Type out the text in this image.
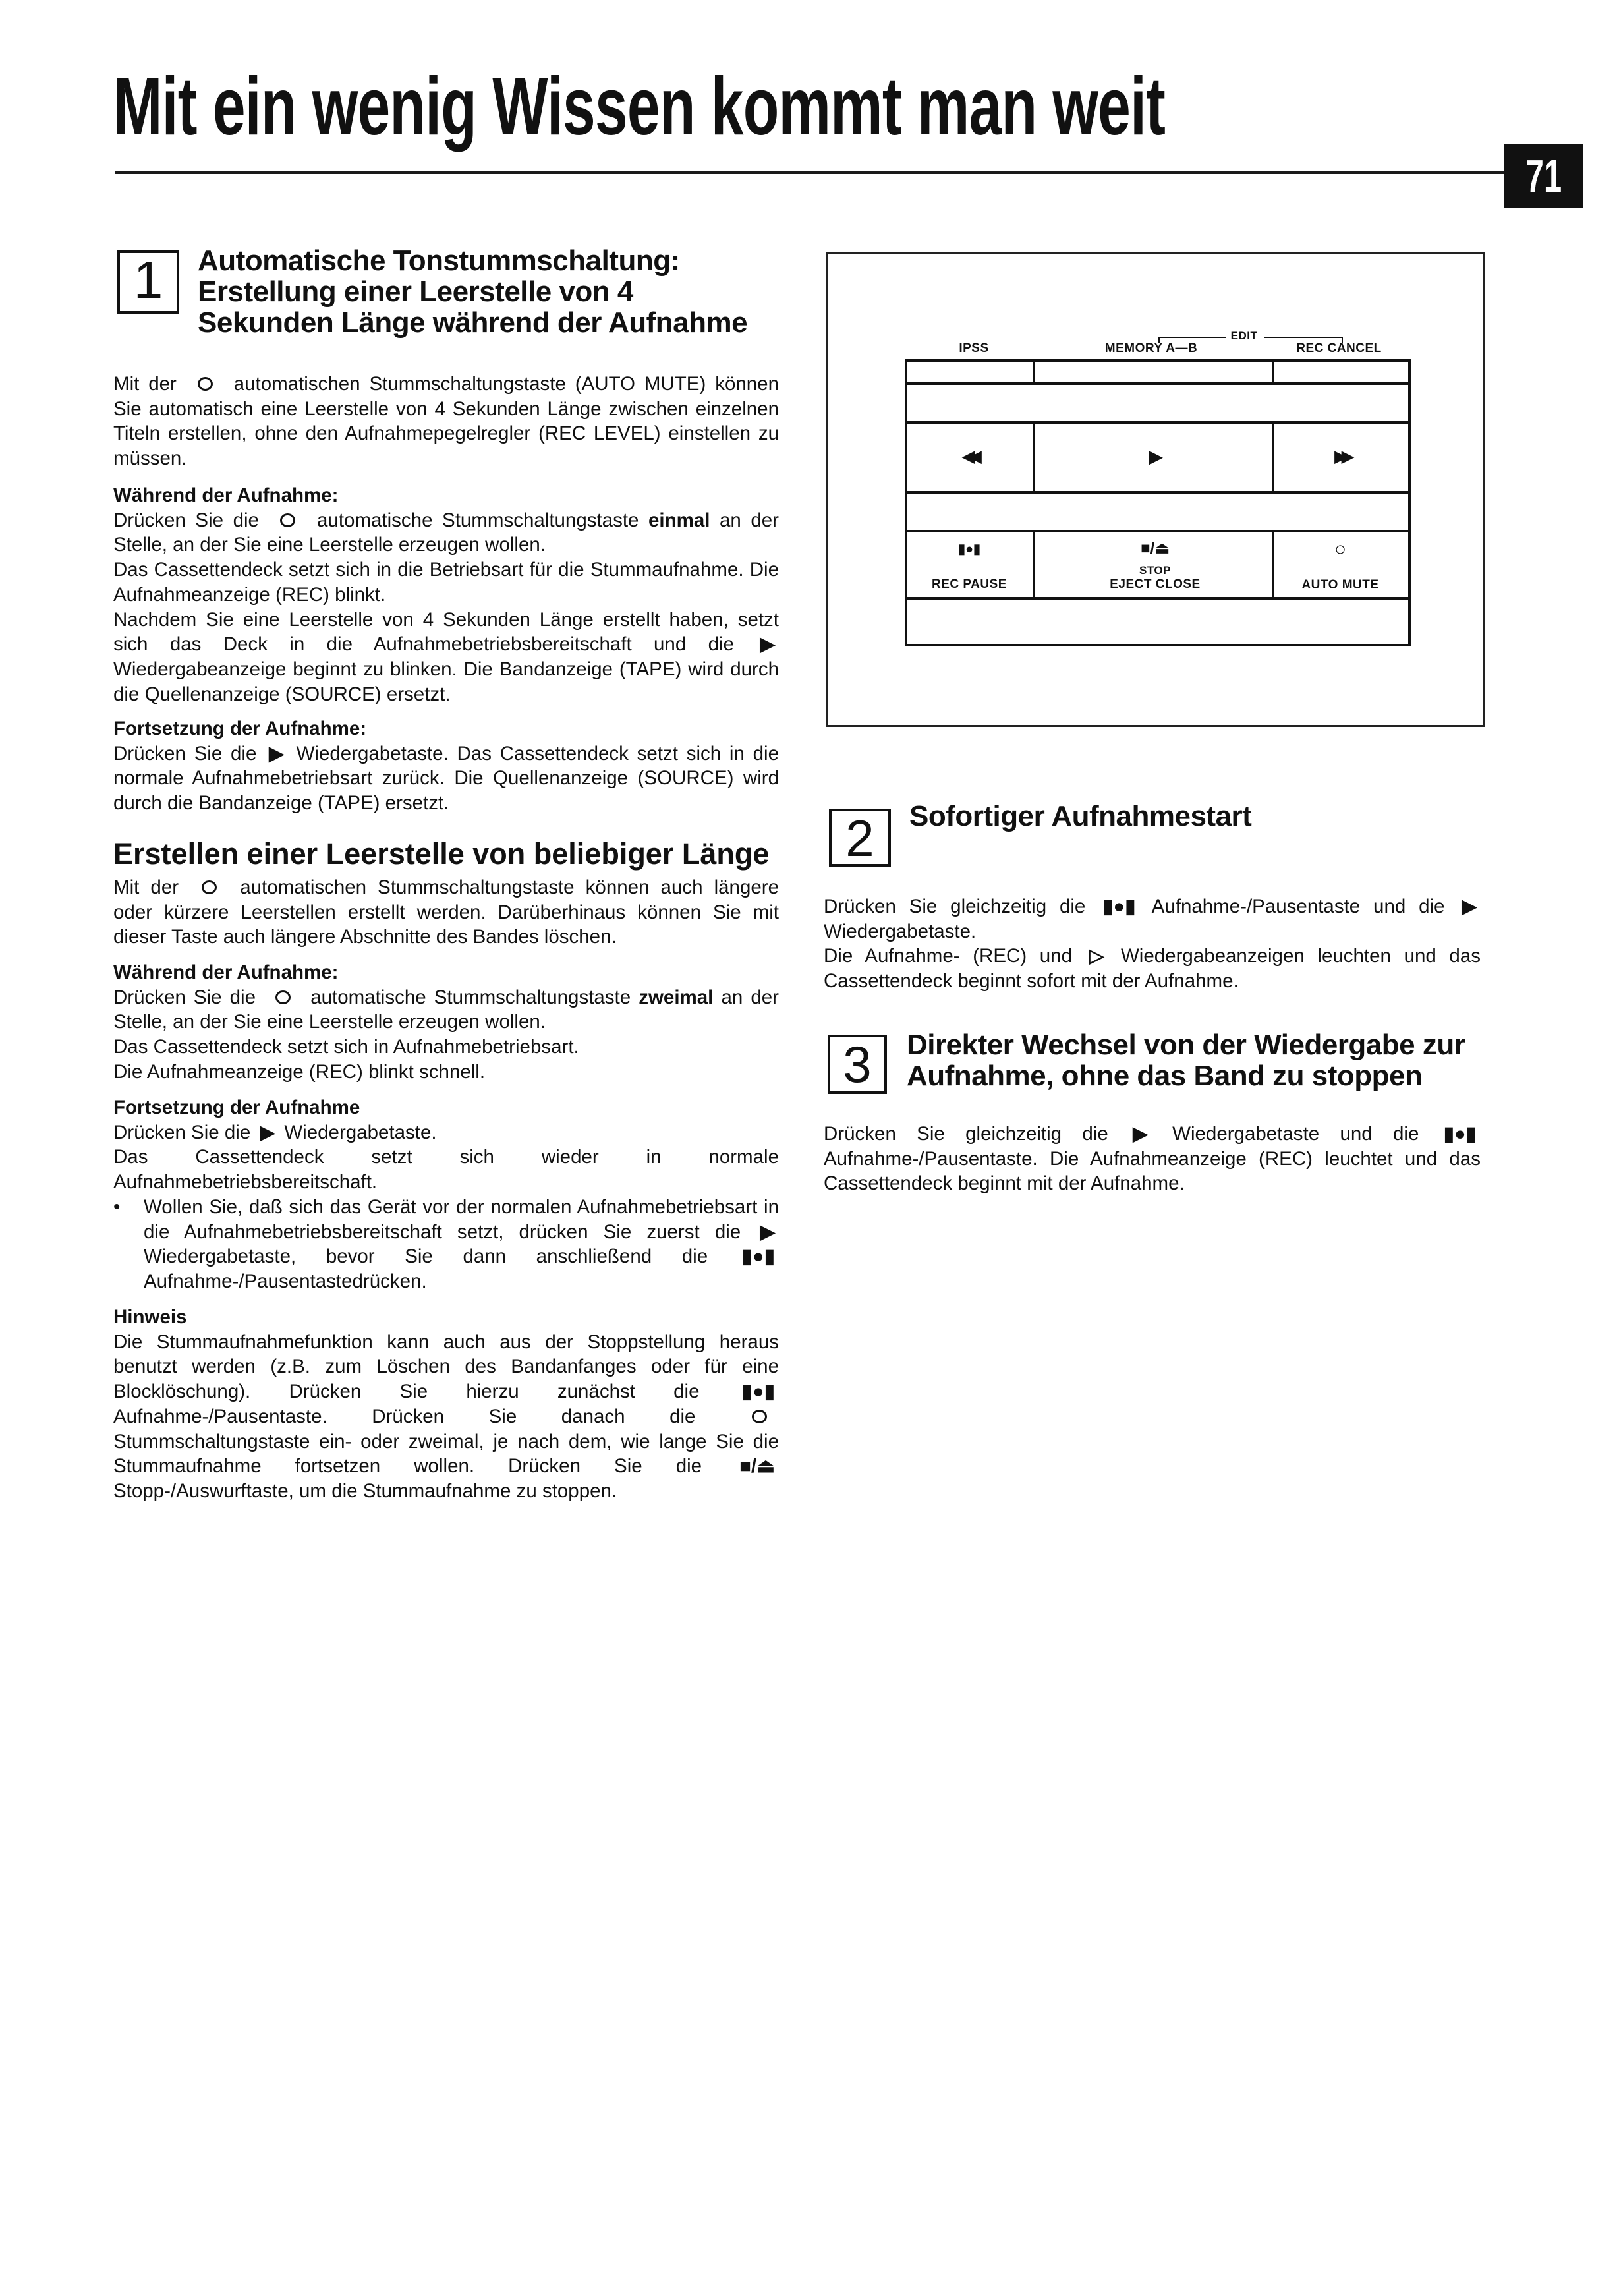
Mit ein wenig Wissen kommt man weit
71
1	Automatische Tonstummschaltung:
Erstellung einer Leerstelle von 4
Sekunden Länge während der Aufnahme

Mit der  automatischen Stummschaltungstaste (AUTO MUTE) können Sie automatisch eine Leerstelle von 4 Sekunden Länge zwischen einzelnen Titeln erstellen, ohne den Aufnahmepegelregler (REC LEVEL) einstellen zu müssen.

Während der Aufnahme:

Drücken Sie die  automatische Stummschaltungstaste einmal an der Stelle, an der Sie eine Leerstelle erzeugen wollen.

Das Cassettendeck setzt sich in die Betriebsart für die Stummaufnahme. Die Aufnahmeanzeige (REC) blinkt.

Nachdem Sie eine Leerstelle von 4 Sekunden Länge erstellt haben, setzt sich das Deck in die Aufnahmebetriebsbereitschaft und die ▶ Wiedergabeanzeige beginnt zu blinken. Die Bandanzeige (TAPE) wird durch die Quellenanzeige (SOURCE) ersetzt.

Fortsetzung der Aufnahme:

Drücken Sie die ▶ Wiedergabetaste. Das Cassettendeck setzt sich in die normale Aufnahmebetriebsart zurück. Die Quellenanzeige (SOURCE) wird durch die Bandanzeige (TAPE) ersetzt.

Erstellen einer Leerstelle von beliebiger Länge

Mit der  automatischen Stummschaltungstaste können auch längere oder kürzere Leerstellen erstellt werden. Darüberhinaus können Sie mit dieser Taste auch längere Abschnitte des Bandes löschen.

Während der Aufnahme:

Drücken Sie die  automatische Stummschaltungstaste zweimal an der Stelle, an der Sie eine Leerstelle erzeugen wollen.

Das Cassettendeck setzt sich in Aufnahmebetriebsart.

Die Aufnahmeanzeige (REC) blinkt schnell.

Fortsetzung der Aufnahme

Drücken Sie die ▶ Wiedergabetaste.

Das Cassettendeck setzt sich wieder in normale Aufnahmebetriebsbereitschaft.

• Wollen Sie, daß sich das Gerät vor der normalen Aufnahmebetriebsart in die Aufnahmebetriebsbereitschaft setzt, drücken Sie zuerst die ▶ Wiedergabetaste, bevor Sie dann anschließend die ▮●▮ Aufnahme-/Pausentastedrücken.

Hinweis

Die Stummaufnahmefunktion kann auch aus der Stoppstellung heraus benutzt werden (z.B. zum Löschen des Bandanfanges oder für eine Blocklöschung). Drücken Sie hierzu zunächst die ▮●▮ Aufnahme-/Pausentaste. Drücken Sie danach die  Stummschaltungstaste ein- oder zweimal, je nach dem, wie lange Sie die Stummaufnahme fortsetzen wollen. Drücken Sie die ■/⏏ Stopp-/Auswurftaste, um die Stummaufnahme zu stoppen.

IPSS	MEMORY A—B
EDIT
REC CANCEL
◀◀	▶	▶▶
▮●▮
REC PAUSE
■/⏏
STOP
EJECT CLOSE
○
AUTO MUTE
2	Sofortiger Aufnahmestart

Drücken Sie gleichzeitig die ▮●▮ Aufnahme-/Pausentaste und die ▶ Wiedergabetaste.

Die Aufnahme- (REC) und ▷ Wiedergabeanzeigen leuchten und das Cassettendeck beginnt sofort mit der Aufnahme.

3	Direkter Wechsel von der Wiedergabe zur
Aufnahme, ohne das Band zu stoppen

Drücken Sie gleichzeitig die ▶ Wiedergabetaste und die ▮●▮ Aufnahme-/Pausentaste. Die Aufnahmeanzeige (REC) leuchtet und das Cassettendeck beginnt mit der Aufnahme.
